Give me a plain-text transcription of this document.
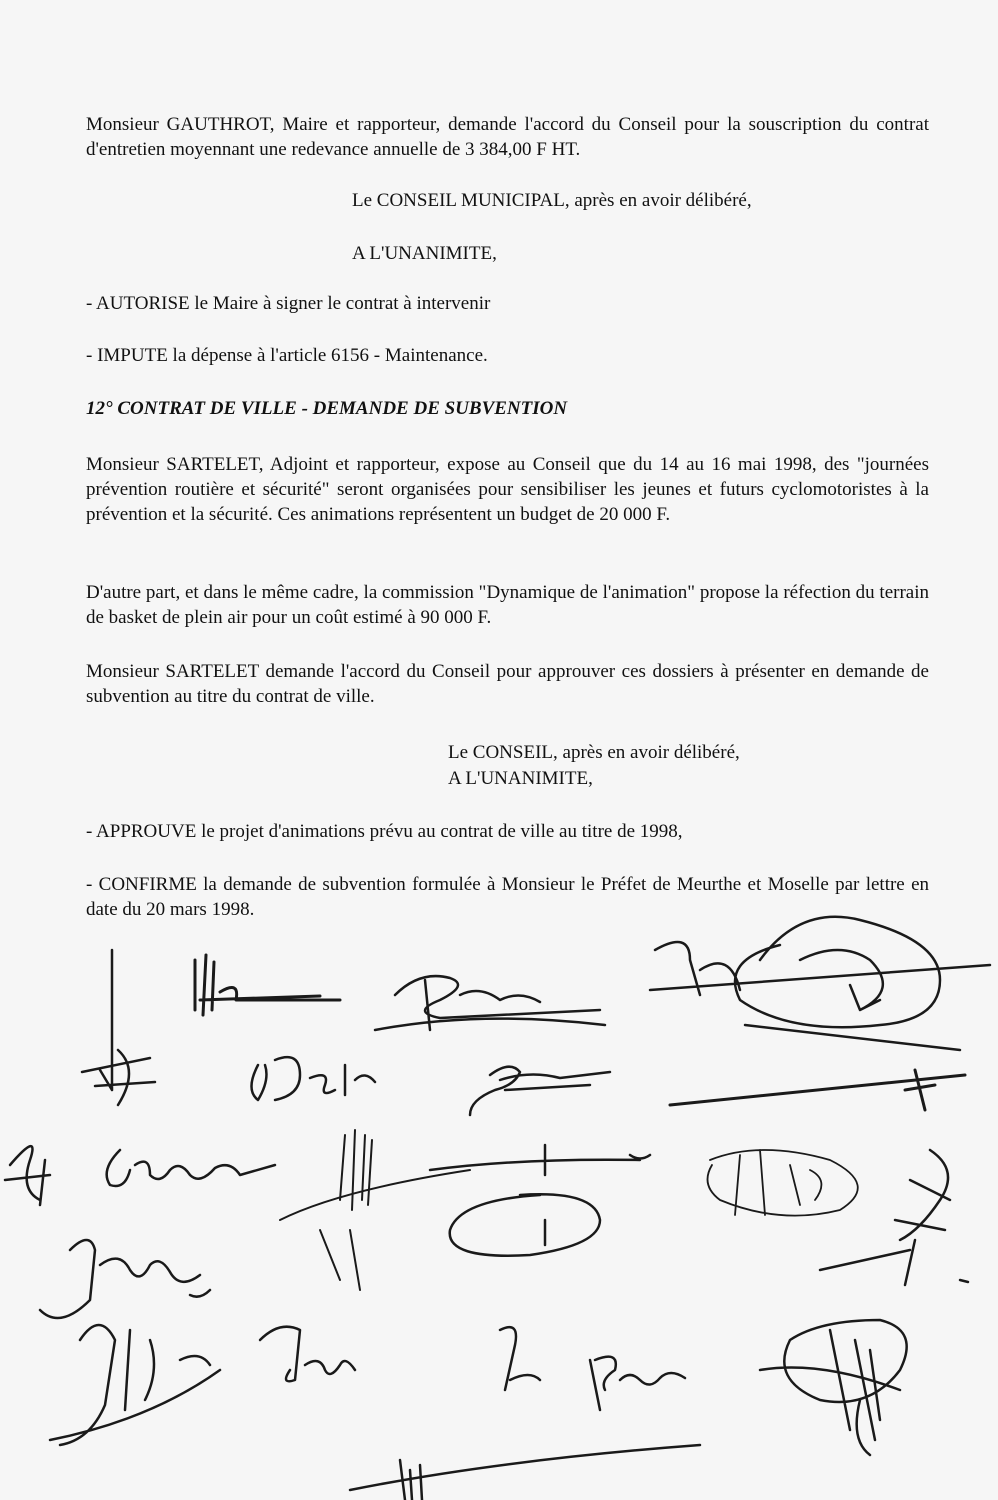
Monsieur GAUTHROT, Maire et rapporteur, demande l'accord du Conseil pour la souscription du contrat d'entretien moyennant une redevance annuelle de 3 384,00 F HT.

Le CONSEIL MUNICIPAL, après en avoir délibéré,

A L'UNANIMITE,

- AUTORISE le Maire à signer le contrat à intervenir

- IMPUTE la dépense à l'article 6156 - Maintenance.

12° CONTRAT DE VILLE - DEMANDE DE SUBVENTION

Monsieur SARTELET, Adjoint et rapporteur, expose au Conseil que du 14 au 16 mai 1998, des "journées prévention routière et sécurité" seront organisées pour sensibiliser les jeunes et futurs cyclomotoristes à la prévention et la sécurité. Ces animations représentent un budget de 20 000 F.

D'autre part, et dans le même cadre, la commission "Dynamique de l'animation" propose la réfection du terrain de basket de plein air pour un coût estimé à 90 000 F.

Monsieur SARTELET demande l'accord du Conseil pour approuver ces dossiers à présenter en demande de subvention au titre du contrat de ville.

Le CONSEIL, après en avoir délibéré,

A L'UNANIMITE,

- APPROUVE le projet d'animations prévu au contrat de ville au titre de 1998,

- CONFIRME la demande de subvention formulée à Monsieur le Préfet de Meurthe et Moselle par lettre en date du 20 mars 1998.
